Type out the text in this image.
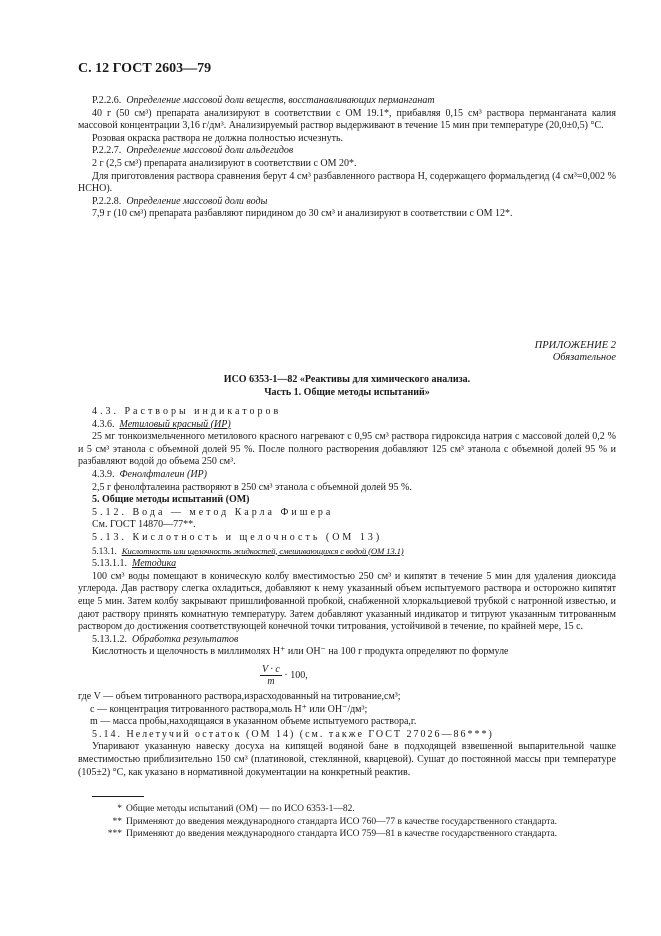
С. 12 ГОСТ 2603—79

Р.2.2.6. Определение массовой доли веществ, восстанавливающих перманганат

40 г (50 см³) препарата анализируют в соответствии с ОМ 19.1*, прибавляя 0,15 см³ раствора перманганата калия массовой концентрации 3,16 г/дм³. Анализируемый раствор выдерживают в течение 15 мин при температуре (20,0±0,5) °С.

Розовая окраска раствора не должна полностью исчезнуть.

Р.2.2.7. Определение массовой доли альдегидов

2 г (2,5 см³) препарата анализируют в соответствии с ОМ 20*.

Для приготовления раствора сравнения берут 4 см³ разбавленного раствора Н, содержащего формальдегид (4 см³=0,002 % НСНО).

Р.2.2.8. Определение массовой доли воды

7,9 г (10 см³) препарата разбавляют пиридином до 30 см³ и анализируют в соответствии с ОМ 12*.

ПРИЛОЖЕНИЕ 2
Обязательное
ИСО 6353-1—82 «Реактивы для химического анализа.
Часть 1. Общие методы испытаний»

4.3. Растворы индикаторов

4.3.6. Метиловый красный (ИР)

25 мг тонкоизмельченного метилового красного нагревают с 0,95 см³ раствора гидроксида натрия с массовой долей 0,2 % и 5 см³ этанола с объемной долей 95 %. После полного растворения добавляют 125 см³ этанола с объемной долей 95 % и разбавляют водой до объема 250 см³.

4.3.9. Фенолфталеин (ИР)

2,5 г фенолфталеина растворяют в 250 см³ этанола с объемной долей 95 %.

5. Общие методы испытаний (ОМ)

5.12. Вода — метод Карла Фишера

См. ГОСТ 14870—77**.

5.13. Кислотность и щелочность (ОМ 13)

5.13.1. Кислотность или щелочность жидкостей, смешивающихся с водой (ОМ 13.1)

5.13.1.1. Методика

100 см³ воды помещают в коническую колбу вместимостью 250 см³ и кипятят в течение 5 мин для удаления диоксида углерода. Дав раствору слегка охладиться, добавляют к нему указанный объем испытуемого раствора и осторожно кипятят еще 5 мин. Затем колбу закрывают пришлифованной пробкой, снабженной хлоркальциевой трубкой с натронной известью, и дают раствору принять комнатную температуру. Затем добавляют указанный индикатор и титруют указанным титрованным раствором до достижения соответствующей конечной точки титрования, устойчивой в течение, по крайней мере, 15 с.

5.13.1.2. Обработка результатов

Кислотность и щелочность в миллимолях Н⁺ или ОН⁻ на 100 г продукта определяют по формуле

$\frac{V \cdot c}{m} \cdot 100$,

где V — объем титрованного раствора,израсходованный на титрование,см³;

c — концентрация титрованного раствора,моль Н⁺ или ОН⁻/дм³;

m — масса пробы,находящаяся в указанном объеме испытуемого раствора,г.

5.14. Нелетучий остаток (ОМ 14) (см. также ГОСТ 27026—86***)

Упаривают указанную навеску досуха на кипящей водяной бане в подходящей взвешенной выпарительной чашке вместимостью приблизительно 150 см³ (платиновой, стеклянной, кварцевой). Сушат до постоянной массы при температуре (105±2) °С, как указано в нормативной документации на конкретный реактив.

* Общие методы испытаний (ОМ) — по ИСО 6353-1—82.
** Применяют до введения международного стандарта ИСО 760—77 в качестве государственного стандарта.
*** Применяют до введения международного стандарта ИСО 759—81 в качестве государственного стандарта.
